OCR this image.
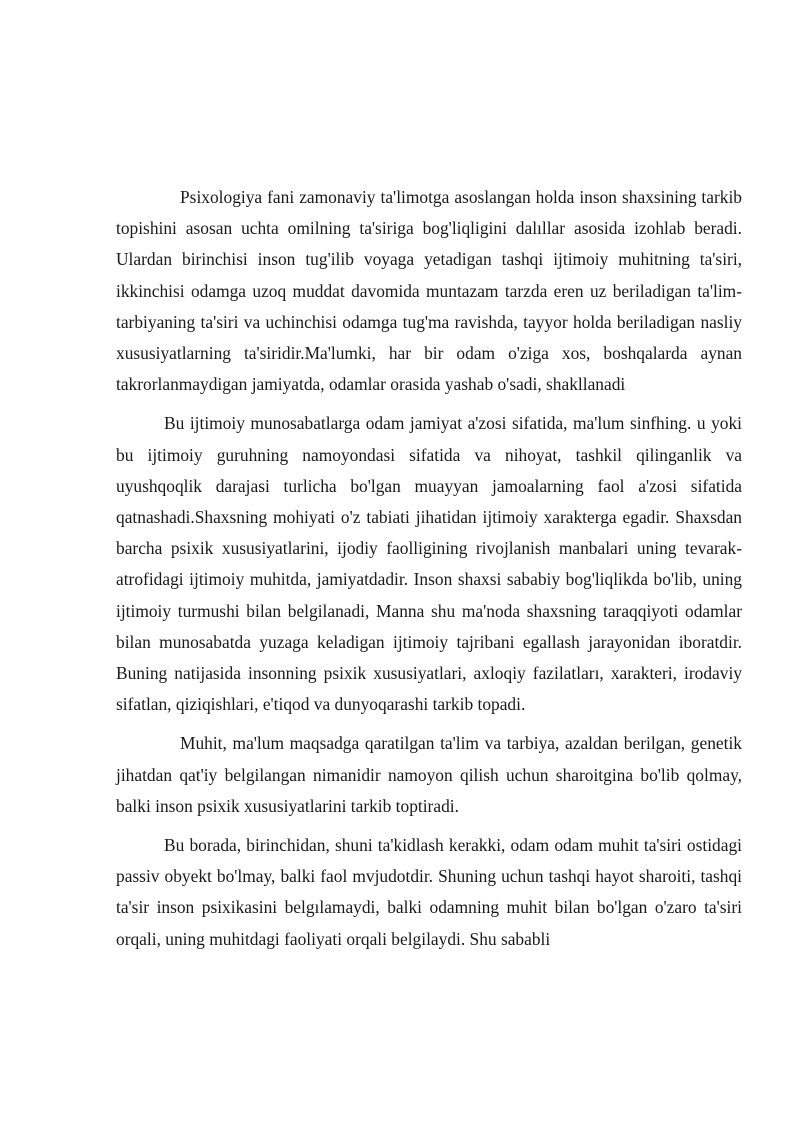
Psixologiya fani zamonaviy ta'limotga asoslangan holda inson shaxsining tarkib topishini asosan uchta omilning ta'siriga bog'liqligini dalıllar asosida izohlab beradi. Ulardan birinchisi inson tug'ilib voyaga yetadigan tashqi ijtimoiy muhitning ta'siri, ikkinchisi odamga uzoq muddat davomida muntazam tarzda eren uz beriladigan ta'lim-tarbiyaning ta'siri va uchinchisi odamga tug'ma ravishda, tayyor holda beriladigan nasliy xususiyatlarning ta'siridir.Ma'lumki, har bir odam o'ziga xos, boshqalarda aynan takrorlanmaydigan jamiyatda, odamlar orasida yashab o'sadi, shakllanadi

Bu ijtimoiy munosabatlarga odam jamiyat a'zosi sifatida, ma'lum sinfhing. u yoki bu ijtimoiy guruhning namoyondasi sifatida va nihoyat, tashkil qilinganlik va uyushqoqlik darajasi turlicha bo'lgan muayyan jamoalarning faol a'zosi sifatida qatnashadi.Shaxsning mohiyati o'z tabiati jihatidan ijtimoiy xarakterga egadir. Shaxsdan barcha psixik xususiyatlarini, ijodiy faolligining rivojlanish manbalari uning tevarak-atrofidagi ijtimoiy muhitda, jamiyatdadir. Inson shaxsi sababiy bog'liqlikda bo'lib, uning ijtimoiy turmushi bilan belgilanadi, Manna shu ma'noda shaxsning taraqqiyoti odamlar bilan munosabatda yuzaga keladigan ijtimoiy tajribani egallash jarayonidan iboratdir. Buning natijasida insonning psixik xususiyatlari, axloqiy fazilatları, xarakteri, irodaviy sifatlan, qiziqishlari, e'tiqod va dunyoqarashi tarkib topadi.

Muhit, ma'lum maqsadga qaratilgan ta'lim va tarbiya, azaldan berilgan, genetik jihatdan qat'iy belgilangan nimanidir namoyon qilish uchun sharoitgina bo'lib qolmay, balki inson psixik xususiyatlarini tarkib toptiradi.

Bu borada, birinchidan, shuni ta'kidlash kerakki, odam odam muhit ta'siri ostidagi passiv obyekt bo'lmay, balki faol mvjudotdir. Shuning uchun tashqi hayot sharoiti, tashqi ta'sir inson psixikasini belgılamaydi, balki odamning muhit bilan bo'lgan o'zaro ta'siri orqali, uning muhitdagi faoliyati orqali belgilaydi. Shu sababli
